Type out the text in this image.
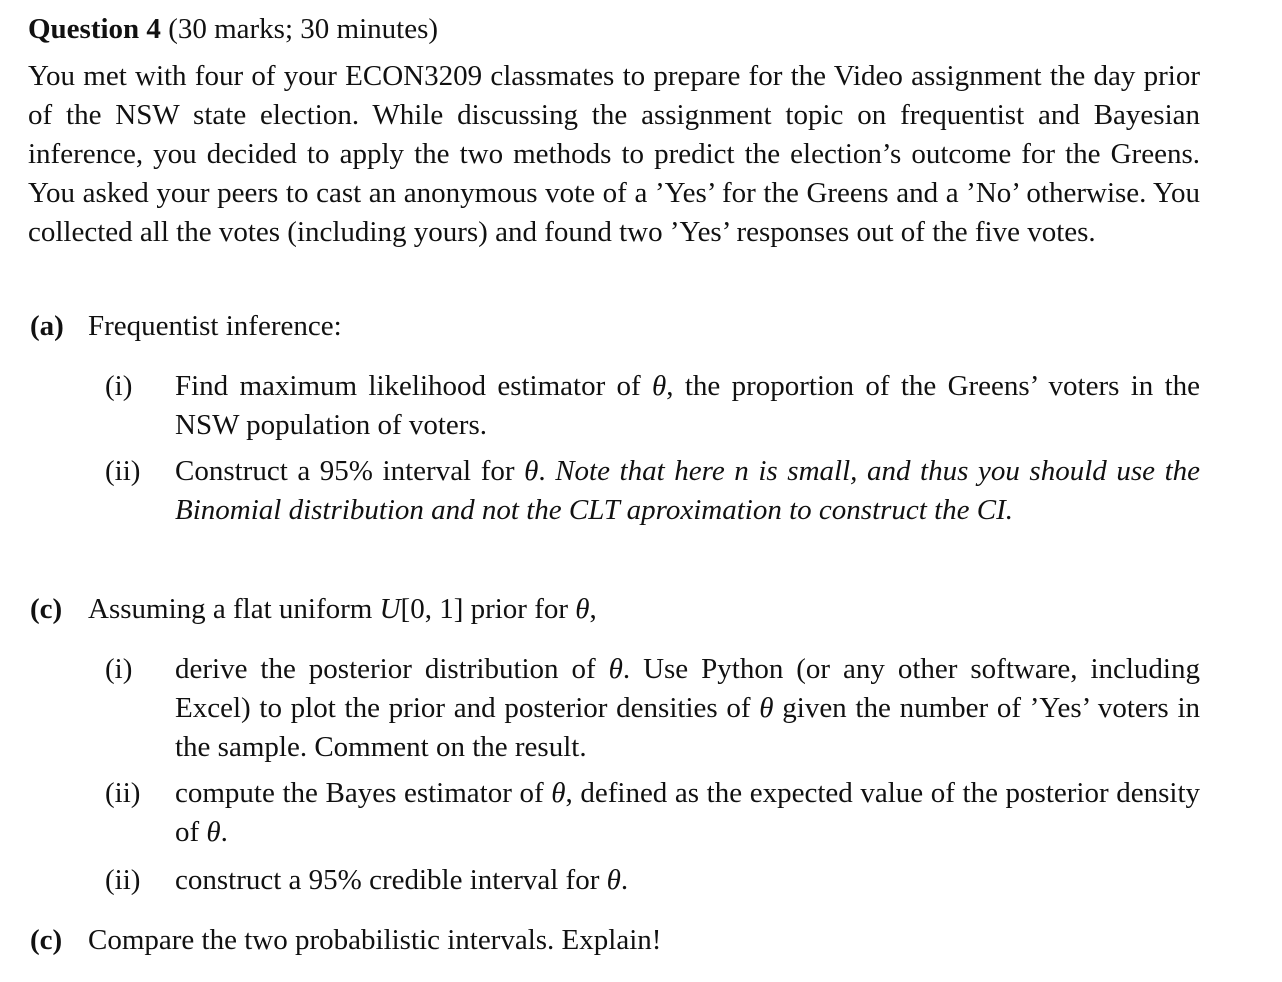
Question 4 (30 marks; 30 minutes)
You met with four of your ECON3209 classmates to prepare for the Video assignment the day prior of the NSW state election. While discussing the assignment topic on frequentist and Bayesian inference, you decided to apply the two methods to predict the election’s outcome for the Greens. You asked your peers to cast an anonymous vote of a ’Yes’ for the Greens and a ’No’ otherwise. You collected all the votes (including yours) and found two ’Yes’ responses out of the five votes.
(a) Frequentist inference:
(i)	Find maximum likelihood estimator of θ, the proportion of the Greens’ voters in the NSW population of voters.
(ii)	Construct a 95% interval for θ. Note that here n is small, and thus you should use the Binomial distribution and not the CLT aproximation to construct the CI.
(c) Assuming a flat uniform U[0, 1] prior for θ,
(i)	derive the posterior distribution of θ. Use Python (or any other software, including Excel) to plot the prior and posterior densities of θ given the number of ’Yes’ voters in the sample. Comment on the result.
(ii)	compute the Bayes estimator of θ, defined as the expected value of the posterior density of θ.
(ii)	construct a 95% credible interval for θ.
(c) Compare the two probabilistic intervals. Explain!
